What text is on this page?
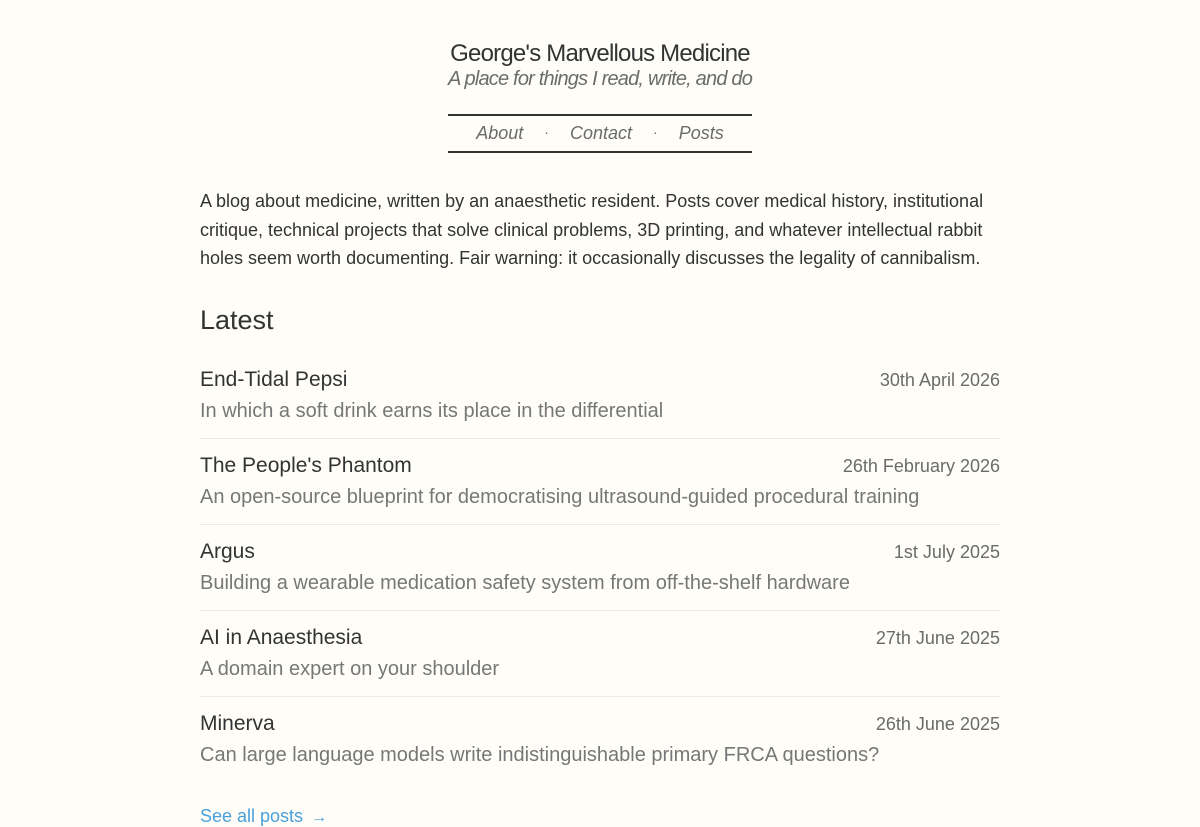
George's Marvellous Medicine

A place for things I read, write, and do

About · Contact · Posts

A blog about medicine, written by an anaesthetic resident. Posts cover medical history, institutional critique, technical projects that solve clinical problems, 3D printing, and whatever intellectual rabbit holes seem worth documenting. Fair warning: it occasionally discusses the legality of cannibalism.

Latest
End-Tidal Pepsi	30th April 2026
In which a soft drink earns its place in the differential
The People's Phantom	26th February 2026
An open-source blueprint for democratising ultrasound-guided procedural training
Argus	1st July 2025
Building a wearable medication safety system from off-the-shelf hardware
AI in Anaesthesia	27th June 2025
A domain expert on your shoulder
Minerva	26th June 2025
Can large language models write indistinguishable primary FRCA questions?
See all posts →
